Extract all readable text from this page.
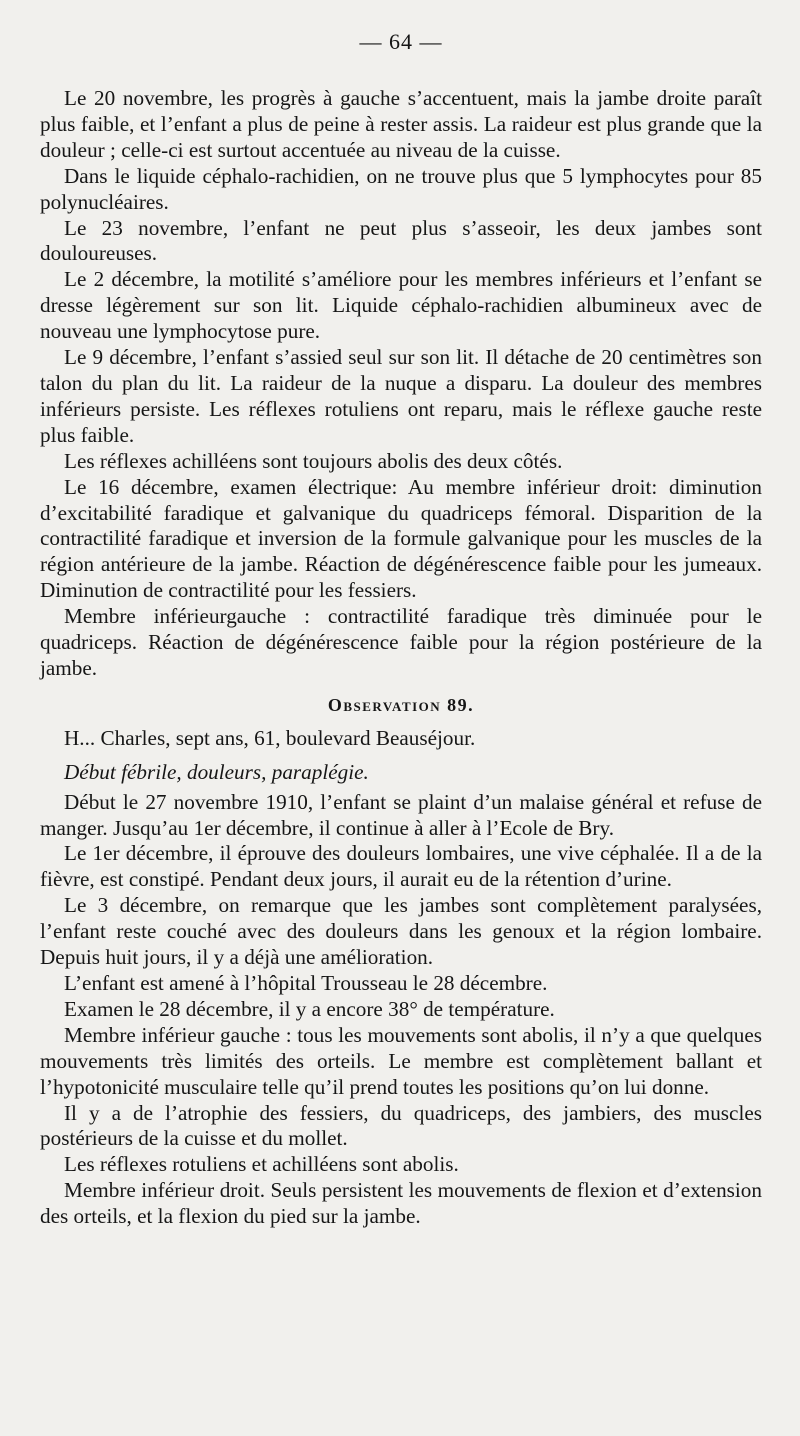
— 64 —

Le 20 novembre, les progrès à gauche s’accentuent, mais la jambe droite paraît plus faible, et l’enfant a plus de peine à rester assis. La raideur est plus grande que la douleur ; celle-ci est surtout accentuée au niveau de la cuisse.

Dans le liquide céphalo-rachidien, on ne trouve plus que 5 lymphocytes pour 85 polynucléaires.

Le 23 novembre, l’enfant ne peut plus s’asseoir, les deux jambes sont douloureuses.

Le 2 décembre, la motilité s’améliore pour les membres inférieurs et l’enfant se dresse légèrement sur son lit. Liquide céphalo-rachidien albumineux avec de nouveau une lymphocytose pure.

Le 9 décembre, l’enfant s’assied seul sur son lit. Il détache de 20 centimètres son talon du plan du lit. La raideur de la nuque a disparu. La douleur des membres inférieurs persiste. Les réflexes rotuliens ont reparu, mais le réflexe gauche reste plus faible.

Les réflexes achilléens sont toujours abolis des deux côtés.

Le 16 décembre, examen électrique: Au membre inférieur droit: diminution d’excitabilité faradique et galvanique du quadriceps fémoral. Disparition de la contractilité faradique et inversion de la formule galvanique pour les muscles de la région antérieure de la jambe. Réaction de dégénérescence faible pour les jumeaux. Diminution de contractilité pour les fessiers.

Membre inférieurgauche : contractilité faradique très diminuée pour le quadriceps. Réaction de dégénérescence faible pour la région postérieure de la jambe.

Observation 89.

H... Charles, sept ans, 61, boulevard Beauséjour.

Début fébrile, douleurs, paraplégie.

Début le 27 novembre 1910, l’enfant se plaint d’un malaise général et refuse de manger. Jusqu’au 1er décembre, il continue à aller à l’Ecole de Bry.

Le 1er décembre, il éprouve des douleurs lombaires, une vive céphalée. Il a de la fièvre, est constipé. Pendant deux jours, il aurait eu de la rétention d’urine.

Le 3 décembre, on remarque que les jambes sont complètement paralysées, l’enfant reste couché avec des douleurs dans les genoux et la région lombaire. Depuis huit jours, il y a déjà une amélioration.

L’enfant est amené à l’hôpital Trousseau le 28 décembre.

Examen le 28 décembre, il y a encore 38° de température.

Membre inférieur gauche : tous les mouvements sont abolis, il n’y a que quelques mouvements très limités des orteils. Le membre est complètement ballant et l’hypotonicité musculaire telle qu’il prend toutes les positions qu’on lui donne.

Il y a de l’atrophie des fessiers, du quadriceps, des jambiers, des muscles postérieurs de la cuisse et du mollet.

Les réflexes rotuliens et achilléens sont abolis.

Membre inférieur droit. Seuls persistent les mouvements de flexion et d’extension des orteils, et la flexion du pied sur la jambe.
